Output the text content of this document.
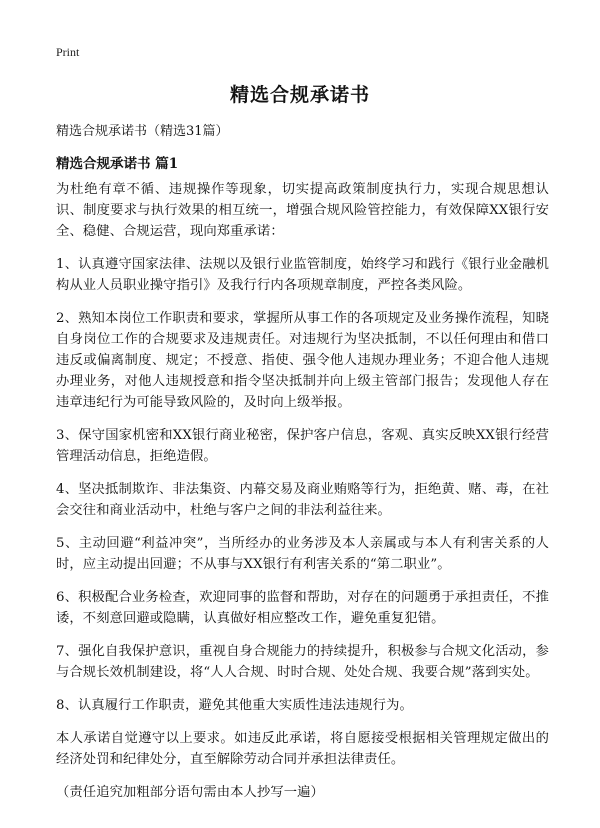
Print
精选合规承诺书

精选合规承诺书（精选31篇）

精选合规承诺书 篇1

为杜绝有章不循、违规操作等现象，切实提高政策制度执行力，实现合规思想认识、制度要求与执行效果的相互统一，增强合规风险管控能力，有效保障XX银行安全、稳健、合规运营，现向郑重承诺：

1、认真遵守国家法律、法规以及银行业监管制度，始终学习和践行《银行业金融机构从业人员职业操守指引》及我行行内各项规章制度，严控各类风险。

2、熟知本岗位工作职责和要求，掌握所从事工作的各项规定及业务操作流程，知晓自身岗位工作的合规要求及违规责任。对违规行为坚决抵制，不以任何理由和借口违反或偏离制度、规定；不授意、指使、强令他人违规办理业务；不迎合他人违规办理业务，对他人违规授意和指令坚决抵制并向上级主管部门报告；发现他人存在违章违纪行为可能导致风险的，及时向上级举报。

3、保守国家机密和XX银行商业秘密，保护客户信息，客观、真实反映XX银行经营管理活动信息，拒绝造假。

4、坚决抵制欺诈、非法集资、内幕交易及商业贿赂等行为，拒绝黄、赌、毒，在社会交往和商业活动中，杜绝与客户之间的非法利益往来。

5、主动回避“利益冲突”，当所经办的业务涉及本人亲属或与本人有利害关系的人时，应主动提出回避；不从事与XX银行有利害关系的“第二职业”。

6、积极配合业务检查，欢迎同事的监督和帮助，对存在的问题勇于承担责任，不推诿，不刻意回避或隐瞒，认真做好相应整改工作，避免重复犯错。

7、强化自我保护意识，重视自身合规能力的持续提升，积极参与合规文化活动，参与合规长效机制建设，将“人人合规、时时合规、处处合规、我要合规”落到实处。

8、认真履行工作职责，避免其他重大实质性违法违规行为。

本人承诺自觉遵守以上要求。如违反此承诺，将自愿接受根据相关管理规定做出的经济处罚和纪律处分，直至解除劳动合同并承担法律责任。

（责任追究加粗部分语句需由本人抄写一遍）
